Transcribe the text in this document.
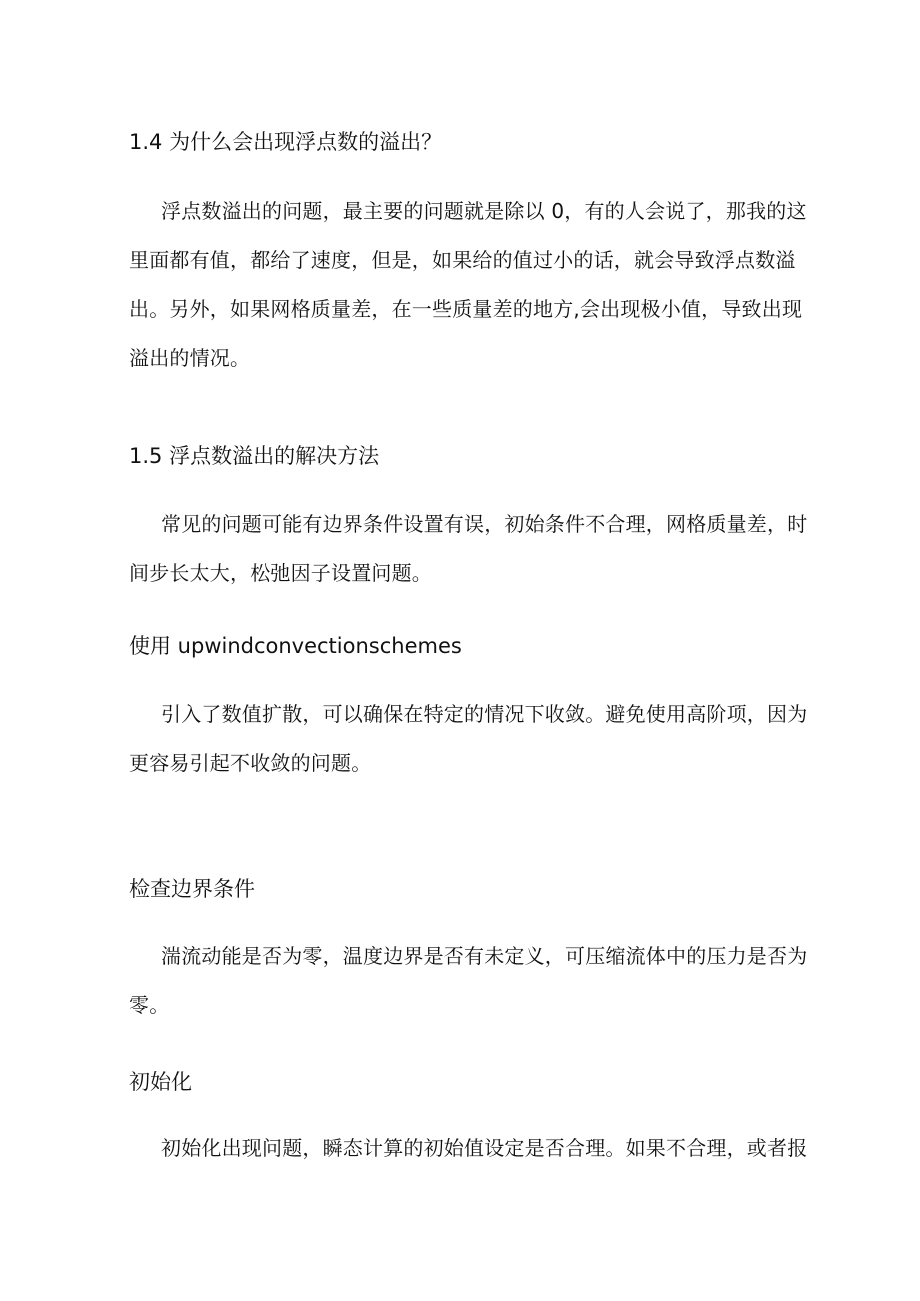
1.4 为什么会出现浮点数的溢出？

浮点数溢出的问题，最主要的问题就是除以 0，有的人会说了，那我的这
里面都有值，都给了速度，但是，如果给的值过小的话，就会导致浮点数溢
出。另外，如果网格质量差，在一些质量差的地方,会出现极小值，导致出现
溢出的情况。

1.5 浮点数溢出的解决方法

常见的问题可能有边界条件设置有误，初始条件不合理，网格质量差，时
间步长太大，松弛因子设置问题。

使用 upwindconvectionschemes

引入了数值扩散，可以确保在特定的情况下收敛。避免使用高阶项，因为
更容易引起不收敛的问题。

检查边界条件

湍流动能是否为零，温度边界是否有未定义，可压缩流体中的压力是否为
零。

初始化

初始化出现问题，瞬态计算的初始值设定是否合理。如果不合理，或者报
